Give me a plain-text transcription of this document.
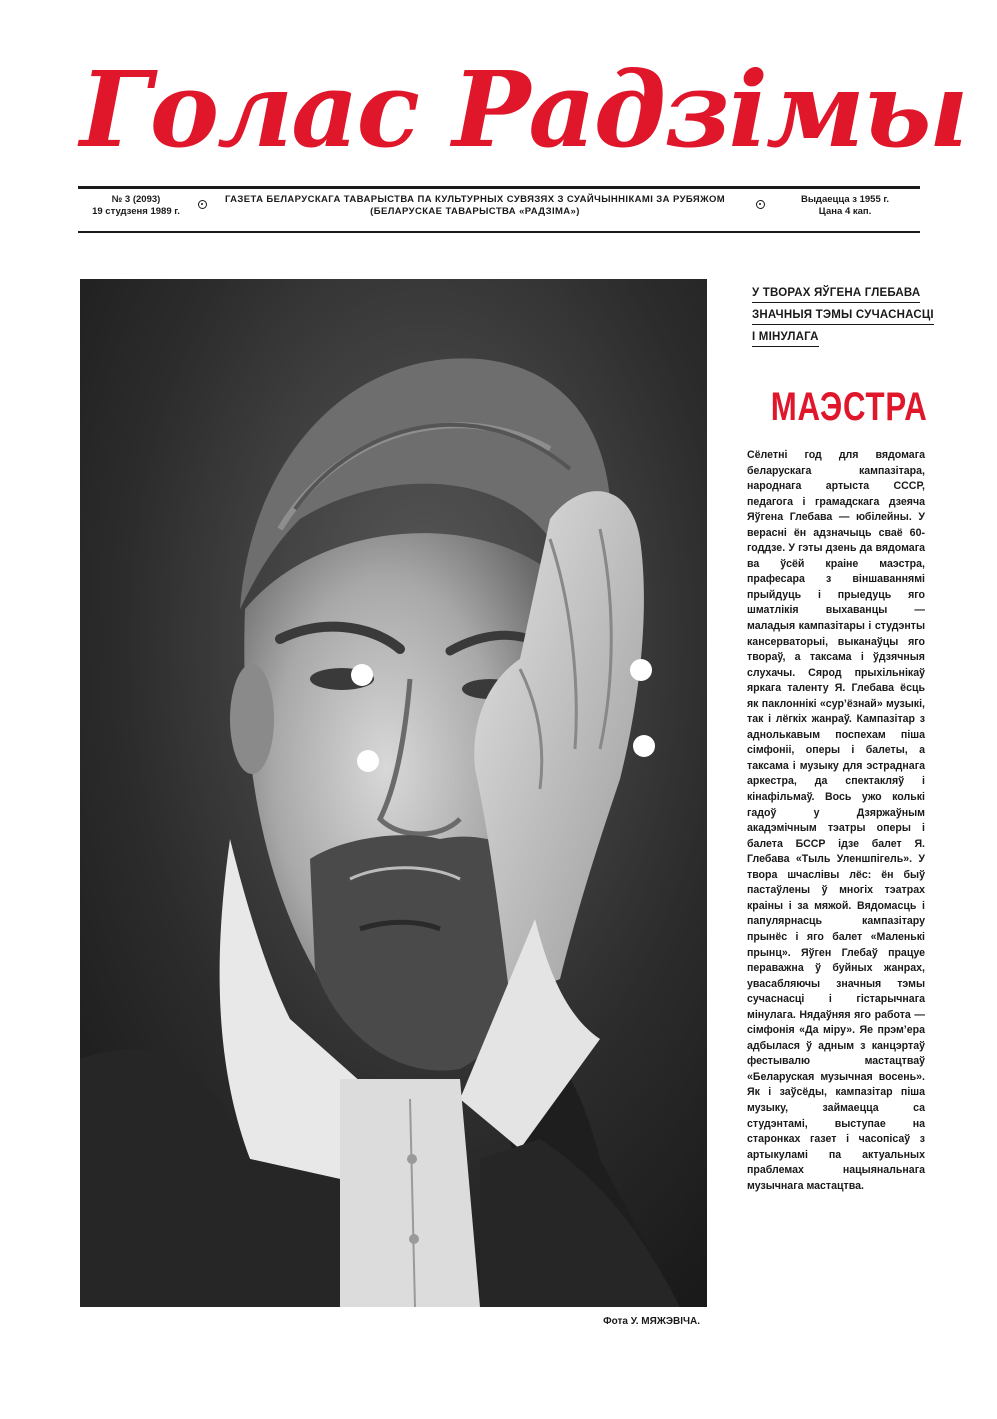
Голас Радзімы
№ 3 (2093)
19 студзеня 1989 г.
ГАЗЕТА БЕЛАРУСКАГА ТАВАРЫСТВА ПА КУЛЬТУРНЫХ СУВЯЗЯХ З СУАЙЧЫННІКАМІ ЗА РУБЯЖОМ
(БЕЛАРУСКАЕ ТАВАРЫСТВА «РАДЗІМА»)
Выдаецца з 1955 г.
Цана 4 кап.
Фота У. МЯЖЭВІЧА.
У ТВОРАХ ЯЎГЕНА ГЛЕБАВА
ЗНАЧНЫЯ ТЭМЫ СУЧАСНАСЦІ
І МІНУЛАГА
МАЭСТРА
Сёлетні год для вядомага беларускага кампазітара, народнага артыста СССР, педагога і грамадскага дзеяча Яўгена Глебава — юбілейны. У верасні ён адзначыць сваё 60-годдзе. У гэты дзень да вядомага ва ўсёй краіне маэстра, прафесара з віншаваннямі прыйдуць і прыедуць яго шматлікія выхаванцы — маладыя кампазітары і студэнты кансерваторыі, выканаўцы яго твораў, а таксама і ўдзячныя слухачы. Сярод прыхільнікаў яркага таленту Я. Глебава ёсць як паклоннікі «сур’ёзнай» музыкі, так і лёгкіх жанраў. Кампазітар з аднолькавым поспехам піша сімфоніі, оперы і балеты, а таксама і музыку для эстраднага аркестра, да спектакляў і кінафільмаў. Вось ужо колькі гадоў у Дзяржаўным акадэмічным тэатры оперы і балета БССР ідзе балет Я. Глебава «Тыль Уленшпігель». У твора шчаслівы лёс: ён быў пастаўлены ў многіх тэатрах краіны і за мяжой. Вядомасць і папулярнасць кампазітару прынёс і яго балет «Маленькі прынц». Яўген Глебаў працуе пераважна ў буйных жанрах, увасабляючы значныя тэмы сучаснасці і гістарычнага мінулага. Нядаўняя яго работа — сімфонія «Да міру». Яе прэм’ера адбылася ў адным з канцэртаў фестывалю мастацтваў «Беларуская музычная восень». Як і заўсёды, кампазітар піша музыку, займаецца са студэнтамі, выступае на старонках газет і часопісаў з артыкуламі па актуальных праблемах нацыянальнага музычнага мастацтва.
